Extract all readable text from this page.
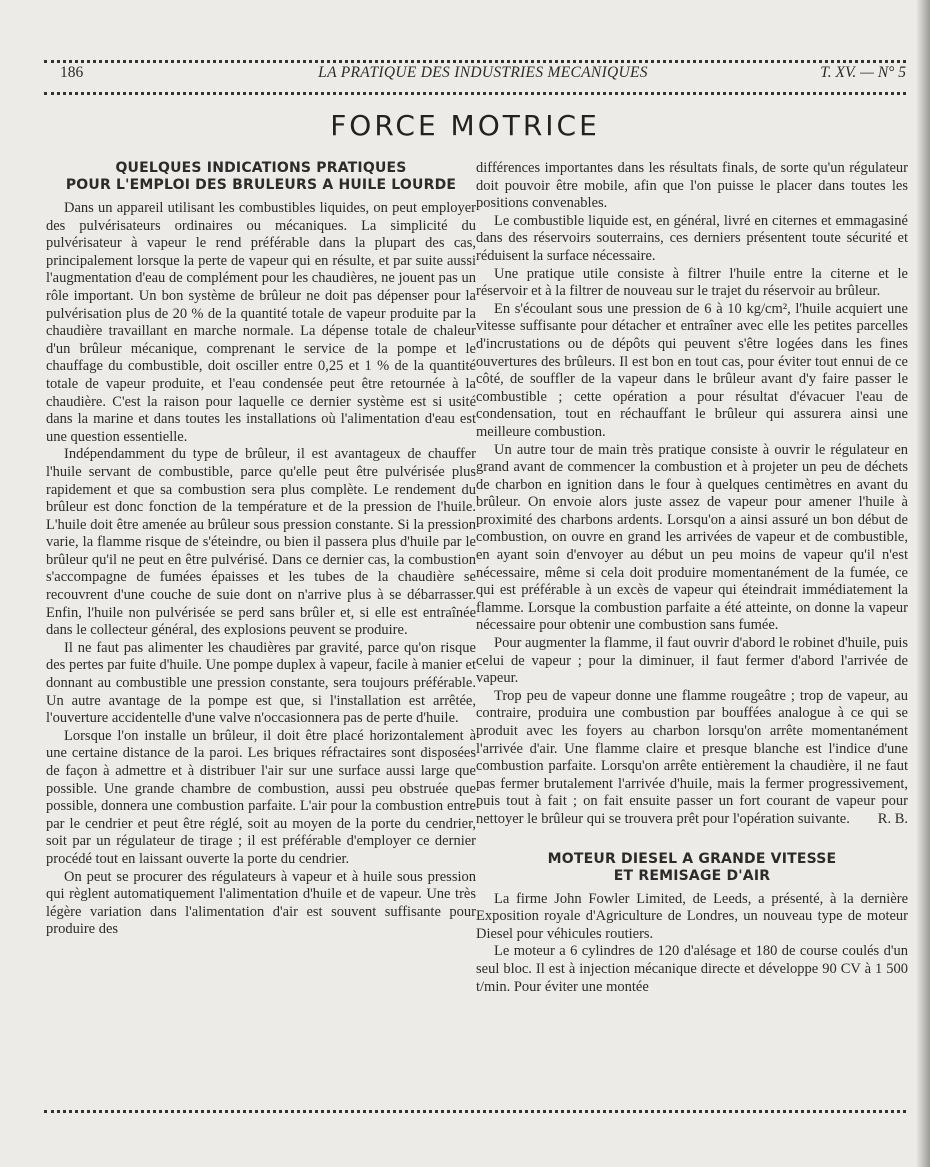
186	LA PRATIQUE DES INDUSTRIES MECANIQUES	T. XV. — N° 5
FORCE MOTRICE
QUELQUES INDICATIONS PRATIQUES
POUR L'EMPLOI DES BRULEURS A HUILE LOURDE

Dans un appareil utilisant les combustibles liquides, on peut employer des pulvérisateurs ordinaires ou mécaniques. La simplicité du pulvérisateur à vapeur le rend préférable dans la plupart des cas, principalement lorsque la perte de vapeur qui en résulte, et par suite aussi l'augmentation d'eau de complément pour les chaudières, ne jouent pas un rôle important. Un bon système de brûleur ne doit pas dépenser pour la pulvérisation plus de 20 % de la quantité totale de vapeur produite par la chaudière travaillant en marche normale. La dépense totale de chaleur d'un brûleur mécanique, comprenant le service de la pompe et le chauffage du combustible, doit osciller entre 0,25 et 1 % de la quantité totale de vapeur produite, et l'eau condensée peut être retournée à la chaudière. C'est la raison pour laquelle ce dernier système est si usité dans la marine et dans toutes les installations où l'alimentation d'eau est une question essentielle.

Indépendamment du type de brûleur, il est avantageux de chauffer l'huile servant de combustible, parce qu'elle peut être pulvérisée plus rapidement et que sa combustion sera plus complète. Le rendement du brûleur est donc fonction de la température et de la pression de l'huile. L'huile doit être amenée au brûleur sous pression constante. Si la pression varie, la flamme risque de s'éteindre, ou bien il passera plus d'huile par le brûleur qu'il ne peut en être pulvérisé. Dans ce dernier cas, la combustion s'accompagne de fumées épaisses et les tubes de la chaudière se recouvrent d'une couche de suie dont on n'arrive plus à se débarrasser. Enfin, l'huile non pulvérisée se perd sans brûler et, si elle est entraînée dans le collecteur général, des explosions peuvent se produire.

Il ne faut pas alimenter les chaudières par gravité, parce qu'on risque des pertes par fuite d'huile. Une pompe duplex à vapeur, facile à manier et donnant au combustible une pression constante, sera toujours préférable. Un autre avantage de la pompe est que, si l'installation est arrêtée, l'ouverture accidentelle d'une valve n'occasionnera pas de perte d'huile.

Lorsque l'on installe un brûleur, il doit être placé horizontalement à une certaine distance de la paroi. Les briques réfractaires sont disposées de façon à admettre et à distribuer l'air sur une surface aussi large que possible. Une grande chambre de combustion, aussi peu obstruée que possible, donnera une combustion parfaite. L'air pour la combustion entre par le cendrier et peut être réglé, soit au moyen de la porte du cendrier, soit par un régulateur de tirage ; il est préférable d'employer ce dernier procédé tout en laissant ouverte la porte du cendrier.

On peut se procurer des régulateurs à vapeur et à huile sous pression qui règlent automatiquement l'alimentation d'huile et de vapeur. Une très légère variation dans l'alimentation d'air est souvent suffisante pour produire des

différences importantes dans les résultats finals, de sorte qu'un régulateur doit pouvoir être mobile, afin que l'on puisse le placer dans toutes les positions convenables.

Le combustible liquide est, en général, livré en citernes et emmagasiné dans des réservoirs souterrains, ces derniers présentent toute sécurité et réduisent la surface nécessaire.

Une pratique utile consiste à filtrer l'huile entre la citerne et le réservoir et à la filtrer de nouveau sur le trajet du réservoir au brûleur.

En s'écoulant sous une pression de 6 à 10 kg/cm², l'huile acquiert une vitesse suffisante pour détacher et entraîner avec elle les petites parcelles d'incrustations ou de dépôts qui peuvent s'être logées dans les fines ouvertures des brûleurs. Il est bon en tout cas, pour éviter tout ennui de ce côté, de souffler de la vapeur dans le brûleur avant d'y faire passer le combustible ; cette opération a pour résultat d'évacuer l'eau de condensation, tout en réchauffant le brûleur qui assurera ainsi une meilleure combustion.

Un autre tour de main très pratique consiste à ouvrir le régulateur en grand avant de commencer la combustion et à projeter un peu de déchets de charbon en ignition dans le four à quelques centimètres en avant du brûleur. On envoie alors juste assez de vapeur pour amener l'huile à proximité des charbons ardents. Lorsqu'on a ainsi assuré un bon début de combustion, on ouvre en grand les arrivées de vapeur et de combustible, en ayant soin d'envoyer au début un peu moins de vapeur qu'il n'est nécessaire, même si cela doit produire momentanément de la fumée, ce qui est préférable à un excès de vapeur qui éteindrait immédiatement la flamme. Lorsque la combustion parfaite a été atteinte, on donne la vapeur nécessaire pour obtenir une combustion sans fumée.

Pour augmenter la flamme, il faut ouvrir d'abord le robinet d'huile, puis celui de vapeur ; pour la diminuer, il faut fermer d'abord l'arrivée de vapeur.

Trop peu de vapeur donne une flamme rougeâtre ; trop de vapeur, au contraire, produira une combustion par bouffées analogue à ce qui se produit avec les foyers au charbon lorsqu'on arrête momentanément l'arrivée d'air. Une flamme claire et presque blanche est l'indice d'une combustion parfaite. Lorsqu'on arrête entièrement la chaudière, il ne faut pas fermer brutalement l'arrivée d'huile, mais la fermer progressivement, puis tout à fait ; on fait ensuite passer un fort courant de vapeur pour nettoyer le brûleur qui se trouvera prêt pour l'opération suivante.	R. B.

MOTEUR DIESEL A GRANDE VITESSE
ET REMISAGE D'AIR

La firme John Fowler Limited, de Leeds, a présenté, à la dernière Exposition royale d'Agriculture de Londres, un nouveau type de moteur Diesel pour véhicules routiers.

Le moteur a 6 cylindres de 120 d'alésage et 180 de course coulés d'un seul bloc. Il est à injection mécanique directe et développe 90 CV à 1 500 t/min. Pour éviter une montée
